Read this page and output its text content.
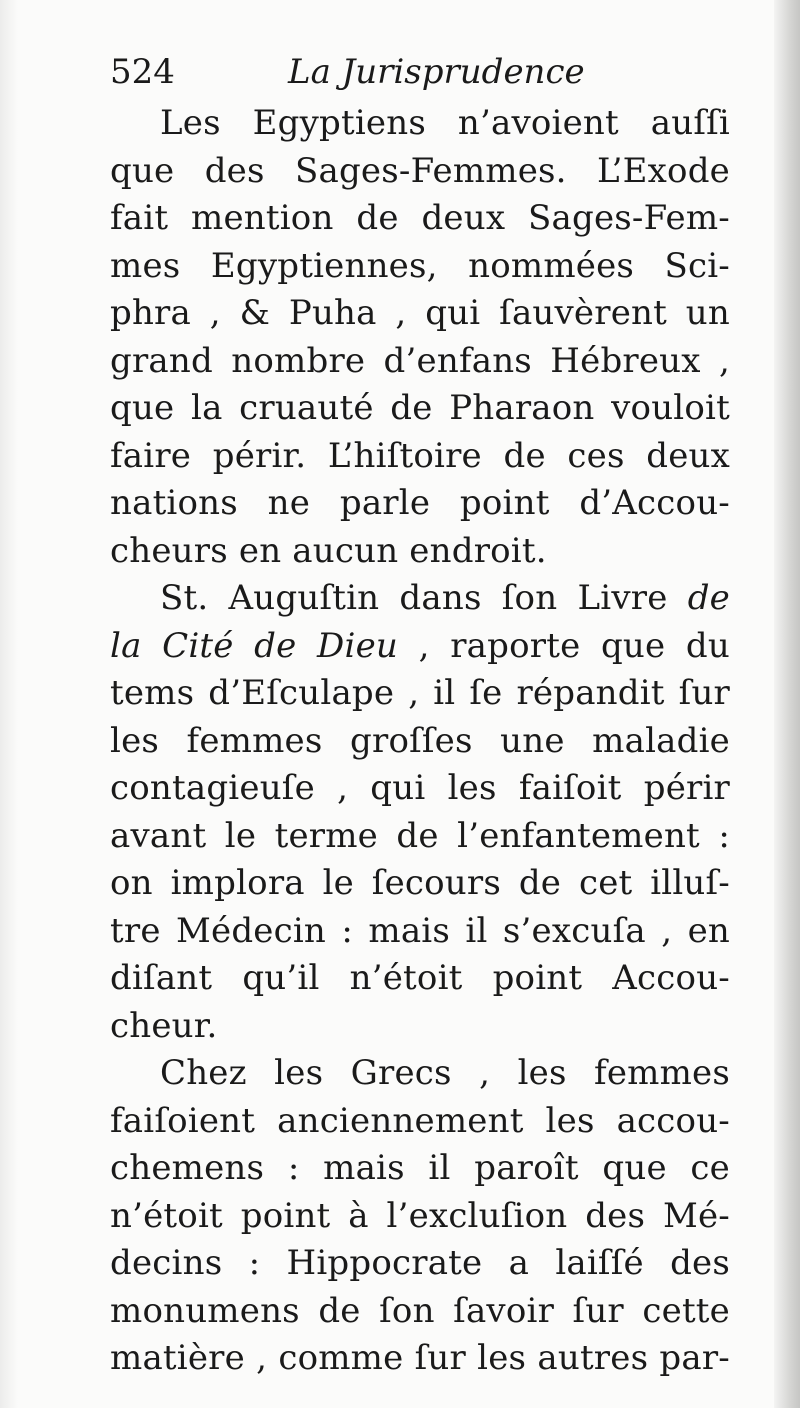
524	La Jurisprudence
Les Egyptiens n’avoient auſſi
que des Sages-Femmes. L’Exode
fait mention de deux Sages-Fem-
mes Egyptiennes, nommées Sci-
phra , & Puha , qui ſauvèrent un
grand nombre d’enfans Hébreux ,
que la cruauté de Pharaon vouloit
faire périr. L’hiſtoire de ces deux
nations ne parle point d’Accou-
cheurs en aucun endroit.
St. Auguſtin dans ſon Livre de
la Cité de Dieu , raporte que du
tems d’Eſculape , il ſe répandit ſur
les femmes groſſes une maladie
contagieuſe , qui les faiſoit périr
avant le terme de l’enfantement :
on implora le ſecours de cet illuſ-
tre Médecin : mais il s’excuſa , en
diſant qu’il n’étoit point Accou-
cheur.
Chez les Grecs , les femmes
faiſoient anciennement les accou-
chemens : mais il paroît que ce
n’étoit point à l’excluſion des Mé-
decins : Hippocrate a laiſſé des
monumens de ſon ſavoir ſur cette
matière , comme ſur les autres par-
